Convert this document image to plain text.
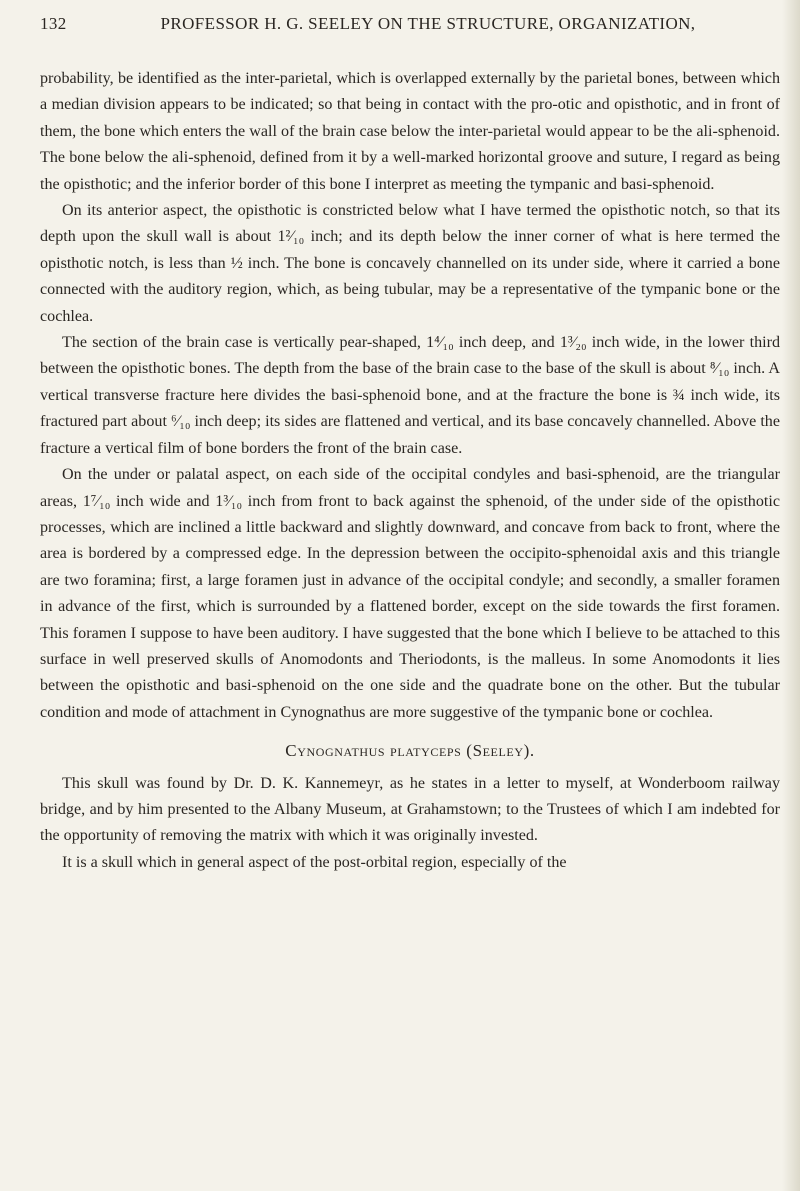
132	PROFESSOR H. G. SEELEY ON THE STRUCTURE, ORGANIZATION,

probability, be identified as the inter-parietal, which is overlapped externally by the parietal bones, between which a median division appears to be indicated; so that being in contact with the pro-otic and opisthotic, and in front of them, the bone which enters the wall of the brain case below the inter-parietal would appear to be the ali-sphenoid. The bone below the ali-sphenoid, defined from it by a well-marked horizontal groove and suture, I regard as being the opisthotic; and the inferior border of this bone I interpret as meeting the tympanic and basi-sphenoid.

On its anterior aspect, the opisthotic is constricted below what I have termed the opisthotic notch, so that its depth upon the skull wall is about 1²⁄₁₀ inch; and its depth below the inner corner of what is here termed the opisthotic notch, is less than ½ inch. The bone is concavely channelled on its under side, where it carried a bone connected with the auditory region, which, as being tubular, may be a representative of the tympanic bone or the cochlea.

The section of the brain case is vertically pear-shaped, 1⁴⁄₁₀ inch deep, and 1³⁄₂₀ inch wide, in the lower third between the opisthotic bones. The depth from the base of the brain case to the base of the skull is about ⁸⁄₁₀ inch. A vertical transverse fracture here divides the basi-sphenoid bone, and at the fracture the bone is ¾ inch wide, its fractured part about ⁶⁄₁₀ inch deep; its sides are flattened and vertical, and its base concavely channelled. Above the fracture a vertical film of bone borders the front of the brain case.

On the under or palatal aspect, on each side of the occipital condyles and basi-sphenoid, are the triangular areas, 1⁷⁄₁₀ inch wide and 1³⁄₁₀ inch from front to back against the sphenoid, of the under side of the opisthotic processes, which are inclined a little backward and slightly downward, and concave from back to front, where the area is bordered by a compressed edge. In the depression between the occipito-sphenoidal axis and this triangle are two foramina; first, a large foramen just in advance of the occipital condyle; and secondly, a smaller foramen in advance of the first, which is surrounded by a flattened border, except on the side towards the first foramen. This foramen I suppose to have been auditory. I have suggested that the bone which I believe to be attached to this surface in well preserved skulls of Anomodonts and Theriodonts, is the malleus. In some Anomodonts it lies between the opisthotic and basi-sphenoid on the one side and the quadrate bone on the other. But the tubular condition and mode of attachment in Cynognathus are more suggestive of the tympanic bone or cochlea.

Cynognathus platyceps (Seeley).

This skull was found by Dr. D. K. Kannemeyr, as he states in a letter to myself, at Wonderboom railway bridge, and by him presented to the Albany Museum, at Grahamstown; to the Trustees of which I am indebted for the opportunity of removing the matrix with which it was originally invested.

It is a skull which in general aspect of the post-orbital region, especially of the
